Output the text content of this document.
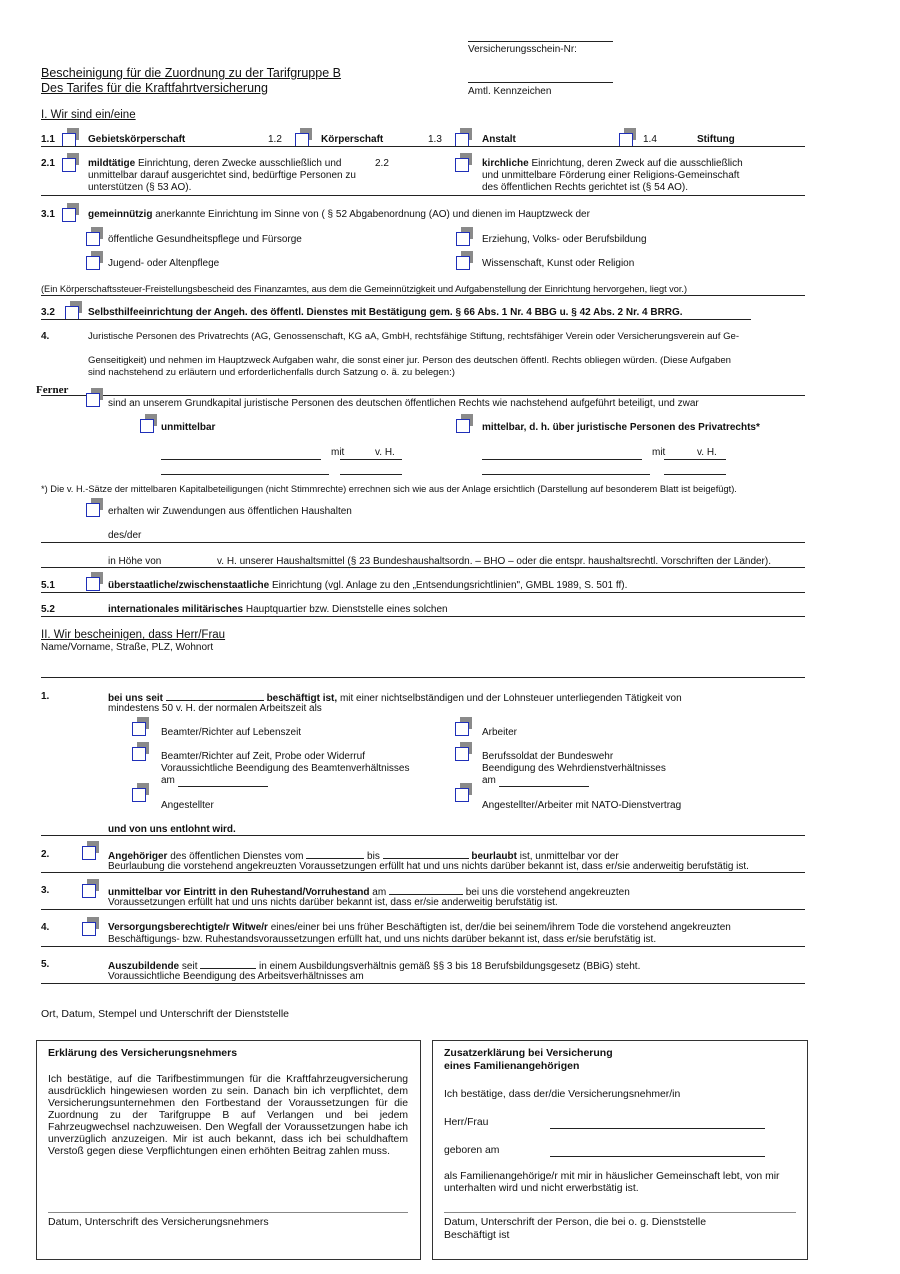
Versicherungsschein-Nr:
Amtl. Kennzeichen
Bescheinigung für die Zuordnung zu der Tarifgruppe B
Des Tarifes für die Kraftfahrtversicherung
I. Wir sind ein/eine
1.1	Gebietskörperschaft	1.2	Körperschaft	1.3	Anstalt	1.4	Stiftung
2.1	mildtätige Einrichtung, deren Zwecke ausschließlich und
unmittelbar darauf ausgerichtet sind, bedürftige Personen zu
unterstützen (§ 53 AO).
2.2	kirchliche Einrichtung, deren Zweck auf die ausschließlich
und unmittelbare Förderung einer Religions-Gemeinschaft
des öffentlichen Rechts gerichtet ist (§ 54 AO).
3.1	gemeinnützig anerkannte Einrichtung im Sinne von ( § 52 Abgabenordnung (AO) und dienen im Hauptzweck der
öffentliche Gesundheitspflege und Fürsorge	Erziehung, Volks- oder Berufsbildung
Jugend- oder Altenpflege	Wissenschaft, Kunst oder Religion
(Ein Körperschaftssteuer-Freistellungsbescheid des Finanzamtes, aus dem die Gemeinnützigkeit und Aufgabenstellung der Einrichtung hervorgehen, liegt vor.)
3.2	Selbsthilfeeinrichtung der Angeh. des öffentl. Dienstes mit Bestätigung gem. § 66 Abs. 1 Nr. 4 BBG u. § 42 Abs. 2 Nr. 4 BRRG.
4.	Juristische Personen des Privatrechts (AG, Genossenschaft, KG aA, GmbH, rechtsfähige Stiftung, rechtsfähiger Verein oder Versicherungsverein auf Ge-
Genseitigkeit) und nehmen im Hauptzweck Aufgaben wahr, die sonst einer jur. Person des deutschen öffentl. Rechts obliegen würden. (Diese Aufgaben
sind nachstehend zu erläutern und erforderlichenfalls durch Satzung o. ä. zu belegen:)
Ferner
sind an unserem Grundkapital juristische Personen des deutschen öffentlichen Rechts wie nachstehend aufgeführt beteiligt, und zwar
unmittelbar	mittelbar, d. h. über juristische Personen des Privatrechts*
mit	v. H.	mit	v. H.
*) Die v. H.-Sätze der mittelbaren Kapitalbeteiligungen (nicht Stimmrechte) errechnen sich wie aus der Anlage ersichtlich (Darstellung auf besonderem Blatt ist beigefügt).
erhalten wir Zuwendungen aus öffentlichen Haushalten
des/der
in Höhe von	v. H. unserer Haushaltsmittel (§ 23 Bundeshaushaltsordn. – BHO – oder die entspr. haushaltsrechtl. Vorschriften der Länder).
5.1	überstaatliche/zwischenstaatliche Einrichtung (vgl. Anlage zu den „Entsendungsrichtlinien", GMBL 1989, S. 501 ff).
5.2	internationales militärisches Hauptquartier bzw. Dienststelle eines solchen
II. Wir bescheinigen, dass Herr/Frau
Name/Vorname, Straße, PLZ, Wohnort
1.	bei uns seit	beschäftigt ist, mit einer nichtselbständigen und der Lohnsteuer unterliegenden Tätigkeit von
mindestens 50 v. H. der normalen Arbeitszeit als
Beamter/Richter auf Lebenszeit	Arbeiter
Beamter/Richter auf Zeit, Probe oder Widerruf
Voraussichtliche Beendigung des Beamtenverhältnisses
am
Berufssoldat der Bundeswehr
Beendigung des Wehrdienstverhältnisses
am
Angestellter	Angestellter/Arbeiter mit NATO-Dienstvertrag
und von uns entlohnt wird.
2.	Angehöriger des öffentlichen Dienstes vom	bis	beurlaubt ist, unmittelbar vor der
Beurlaubung die vorstehend angekreuzten Voraussetzungen erfüllt hat und uns nichts darüber bekannt ist, dass er/sie anderweitig berufstätig ist.
3.	unmittelbar vor Eintritt in den Ruhestand/Vorruhestand am	bei uns die vorstehend angekreuzten
Voraussetzungen erfüllt hat und uns nichts darüber bekannt ist, dass er/sie anderweitig berufstätig ist.
4.	Versorgungsberechtigte/r Witwe/r eines/einer bei uns früher Beschäftigten ist, der/die bei seinem/ihrem Tode die vorstehend angekreuzten
Beschäftigungs- bzw. Ruhestandsvoraussetzungen erfüllt hat, und uns nichts darüber bekannt ist, dass er/sie berufstätig ist.
5.	Auszubildende seit	in einem Ausbildungsverhältnis gemäß §§ 3 bis 18 Berufsbildungsgesetz (BBiG) steht.
Voraussichtliche Beendigung des Arbeitsverhältnisses am
Ort, Datum, Stempel und Unterschrift der Dienststelle
Erklärung des Versicherungsnehmers
Ich bestätige, auf die Tarifbestimmungen für die Kraftfahrzeugversicherung ausdrücklich hingewiesen worden zu sein. Danach bin ich verpflichtet, dem Versicherungsunternehmen den Fortbestand der Voraussetzungen für die Zuordnung zu der Tarifgruppe B auf Verlangen und bei jedem Fahrzeugwechsel nachzuweisen. Den Wegfall der Voraussetzungen habe ich unverzüglich anzuzeigen. Mir ist auch bekannt, dass ich bei schuldhaftem Verstoß gegen diese Verpflichtungen einen erhöhten Beitrag zahlen muss.
Datum, Unterschrift des Versicherungsnehmers
Zusatzerklärung bei Versicherung
eines Familienangehörigen
Ich bestätige, dass der/die Versicherungsnehmer/in
Herr/Frau
geboren am
als Familienangehörige/r mit mir in häuslicher Gemeinschaft lebt, von mir unterhalten wird und nicht erwerbstätig ist.
Datum, Unterschrift der Person, die bei o. g. Dienststelle
Beschäftigt ist
